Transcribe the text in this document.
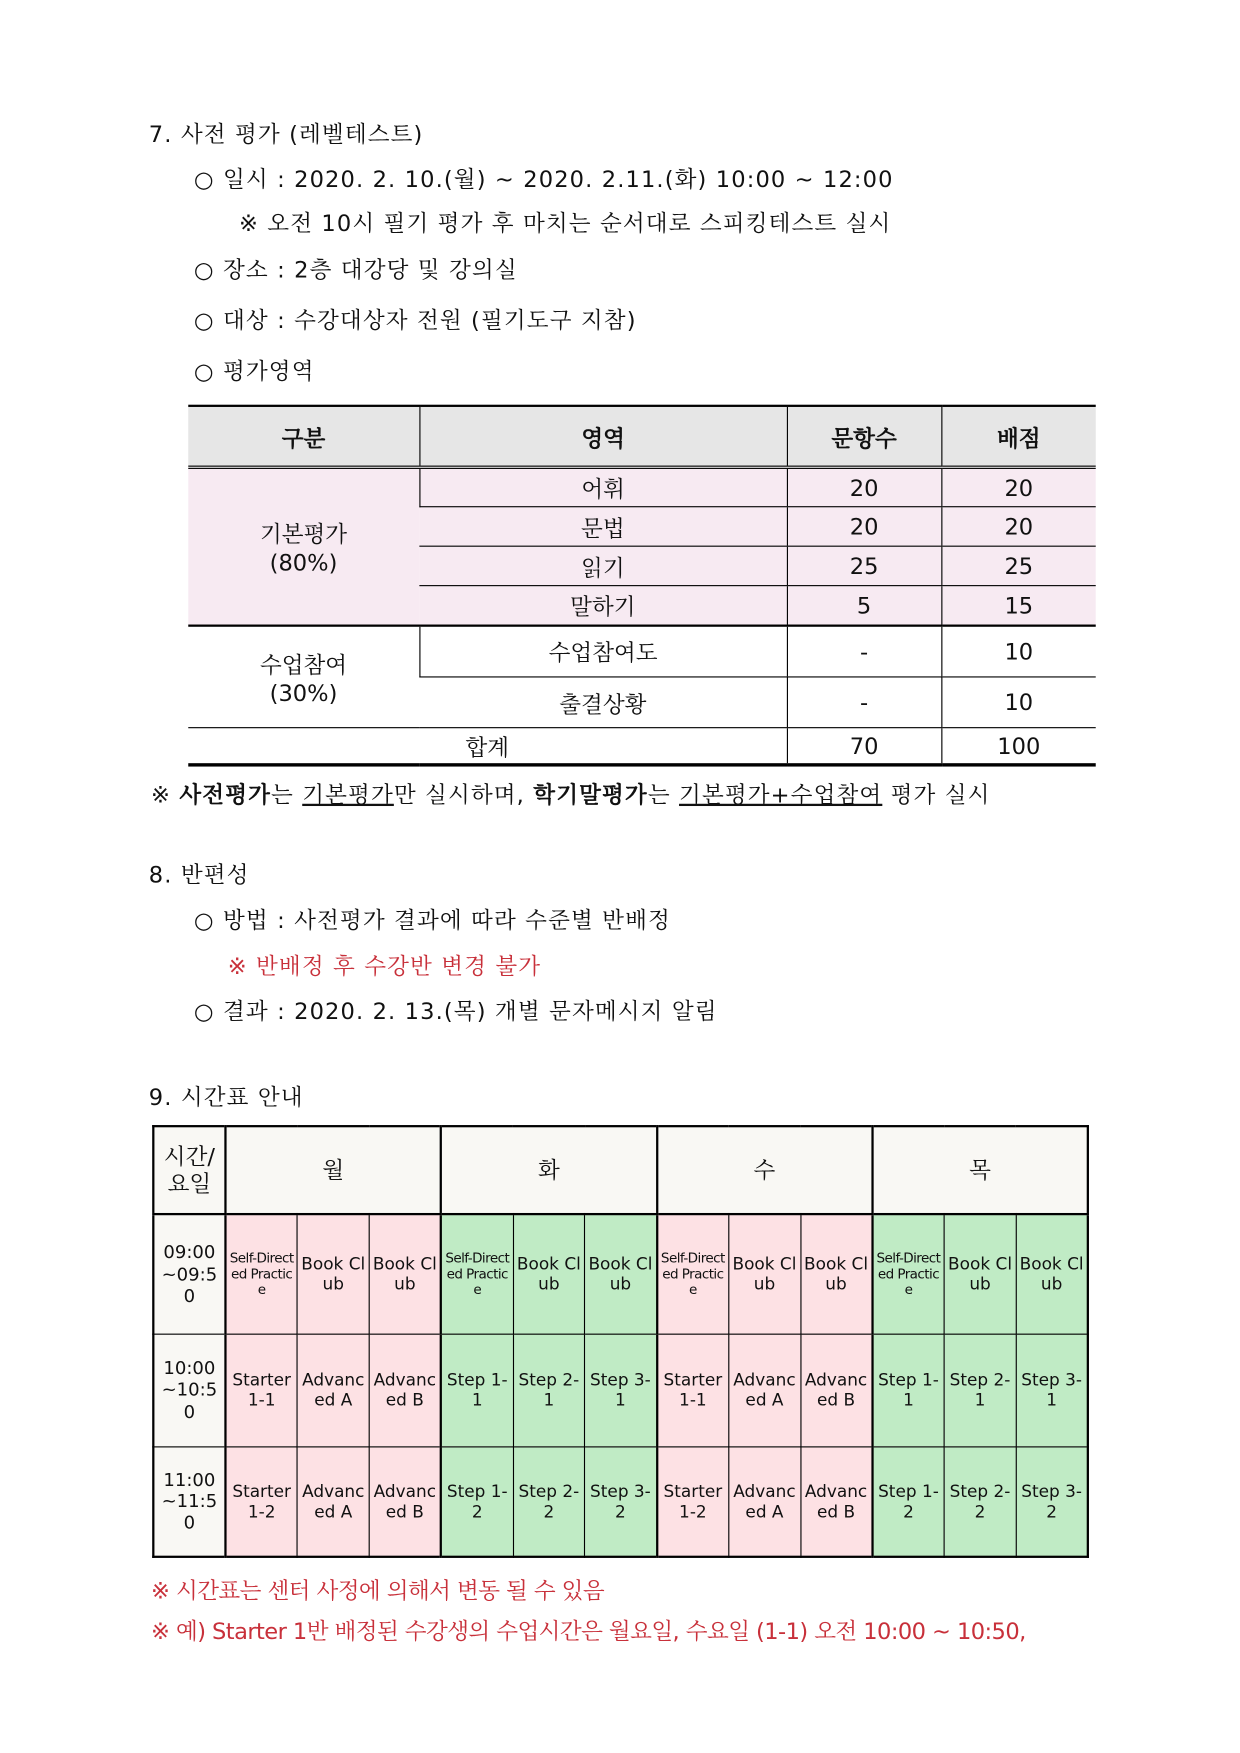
7. 사전 평가 (레벨테스트)
○ 일시 : 2020. 2. 10.(월) ~ 2020. 2.11.(화) 10:00 ~ 12:00
※ 오전 10시 필기 평가 후 마치는 순서대로 스피킹테스트 실시
○ 장소 : 2층 대강당 및 강의실
○ 대상 : 수강대상자 전원 (필기도구 지참)
○ 평가영역
구분	영역	문항수	배점
기본평가
(80%)	어휘	20	20
	문법	20	20
	읽기	25	25
	말하기	5	15
수업참여
(30%)	수업참여도	-	10
	출결상황	-	10
합계		70	100
※ 사전평가는 기본평가만 실시하며, 학기말평가는 기본평가+수업참여 평가 실시
8. 반편성
○ 방법 : 사전평가 결과에 따라 수준별 반배정
※ 반배정 후 수강반 변경 불가
○ 결과 : 2020. 2. 13.(목) 개별 문자메시지 알림
9. 시간표 안내
시간/요일	월			화			수			목		
09:00~09:50	Self-Directed Practice	Book Club	Book Club	Self-Directed Practice	Book Club	Book Club	Self-Directed Practice	Book Club	Book Club	Self-Directed Practice	Book Club	Book Club
10:00~10:50	Starter 1-1	Advanced A	Advanced B	Step 1-1	Step 2-1	Step 3-1	Starter 1-1	Advanced A	Advanced B	Step 1-1	Step 2-1	Step 3-1
11:00~11:50	Starter 1-2	Advanced A	Advanced B	Step 1-2	Step 2-2	Step 3-2	Starter 1-2	Advanced A	Advanced B	Step 1-2	Step 2-2	Step 3-2
※ 시간표는 센터 사정에 의해서 변동 될 수 있음
※ 예) Starter 1반 배정된 수강생의 수업시간은 월요일, 수요일 (1-1) 오전 10:00 ~ 10:50,
